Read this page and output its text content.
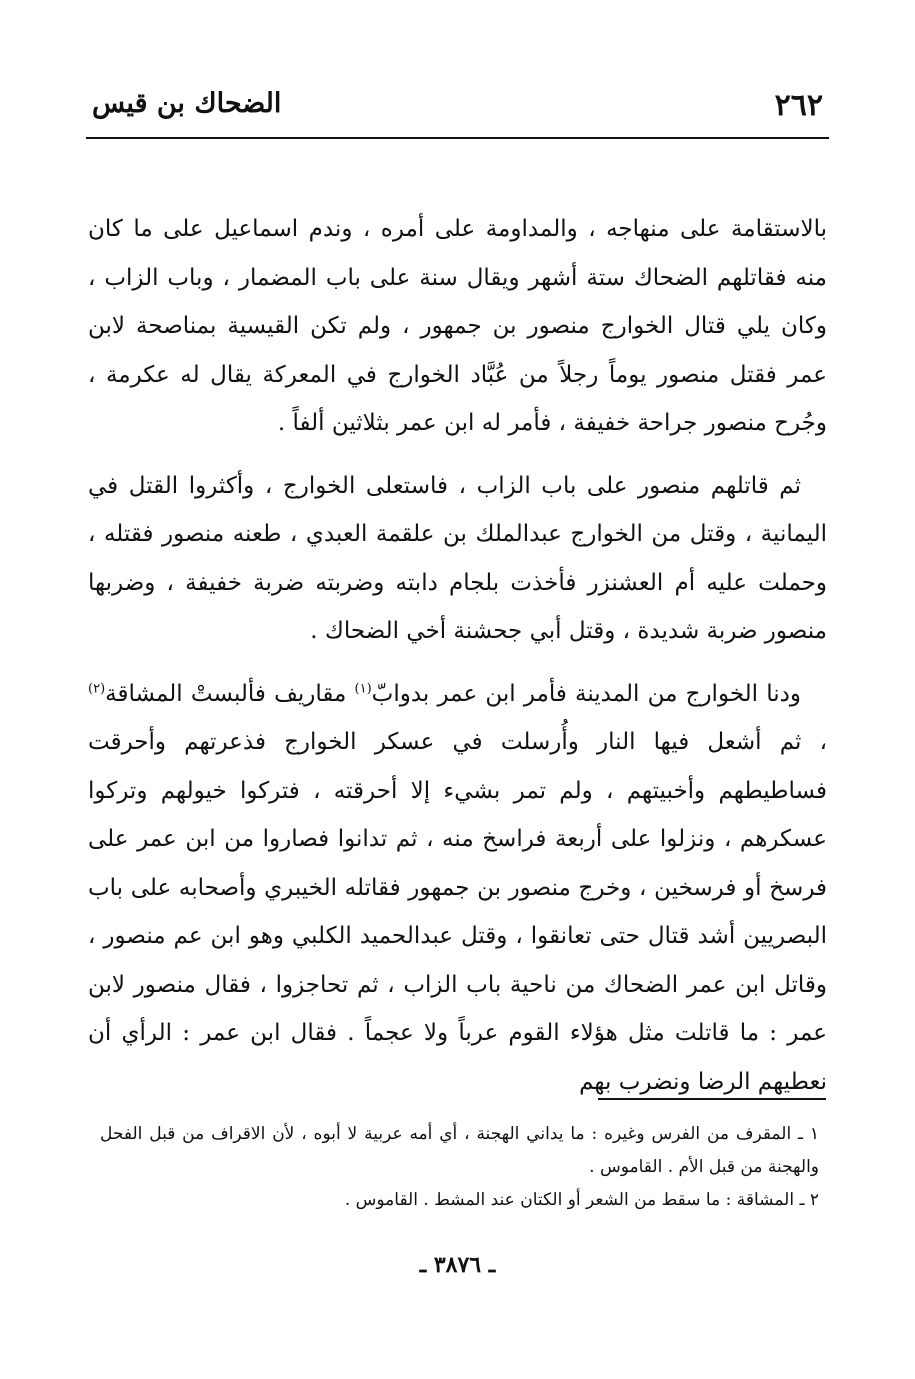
٢٦٢
الضحاك بن قيس

بالاستقامة على منهاجه ، والمداومة على أمره ، وندم اسماعيل على ما كان منه فقاتلهم الضحاك ستة أشهر ويقال سنة على باب المضمار ، وباب الزاب ، وكان يلي قتال الخوارج منصور بن جمهور ، ولم تكن القيسية بمناصحة لابن عمر فقتل منصور يوماً رجلاً من عُبَّاد الخوارج في المعركة يقال له عكرمة ، وجُرح منصور جراحة خفيفة ، فأمر له ابن عمر بثلاثين ألفاً .

ثم قاتلهم منصور على باب الزاب ، فاستعلى الخوارج ، وأكثروا القتل في اليمانية ، وقتل من الخوارج عبدالملك بن علقمة العبدي ، طعنه منصور فقتله ، وحملت عليه أم العشنزر فأخذت بلجام دابته وضربته ضربة خفيفة ، وضربها منصور ضربة شديدة ، وقتل أبي جحشنة أخي الضحاك .

ودنا الخوارج من المدينة فأمر ابن عمر بدوابّ$^{(١)}$ مقاريف فألبستْ المشاقة$^{(٢)}$ ، ثم أشعل فيها النار وأُرسلت في عسكر الخوارج فذعرتهم وأحرقت فساطيطهم وأخبيتهم ، ولم تمر بشيء إلا أحرقته ، فتركوا خيولهم وتركوا عسكرهم ، ونزلوا على أربعة فراسخ منه ، ثم تدانوا فصاروا من ابن عمر على فرسخ أو فرسخين ، وخرج منصور بن جمهور فقاتله الخيبري وأصحابه على باب البصريين أشد قتال حتى تعانقوا ، وقتل عبدالحميد الكلبي وهو ابن عم منصور ، وقاتل ابن عمر الضحاك من ناحية باب الزاب ، ثم تحاجزوا ، فقال منصور لابن عمر : ما قاتلت مثل هؤلاء القوم عرباً ولا عجماً . فقال ابن عمر : الرأي أن نعطيهم الرضا ونضرب بهم

١ ـ المقرف من الفرس وغيره : ما يداني الهجنة ، أي أمه عربية لا أبوه ، لأن الاقراف من قبل الفحل والهجنة من قبل الأم . القاموس .

٢ ـ المشاقة : ما سقط من الشعر أو الكتان عند المشط . القاموس .

ـ ٣٨٧٦ ـ
